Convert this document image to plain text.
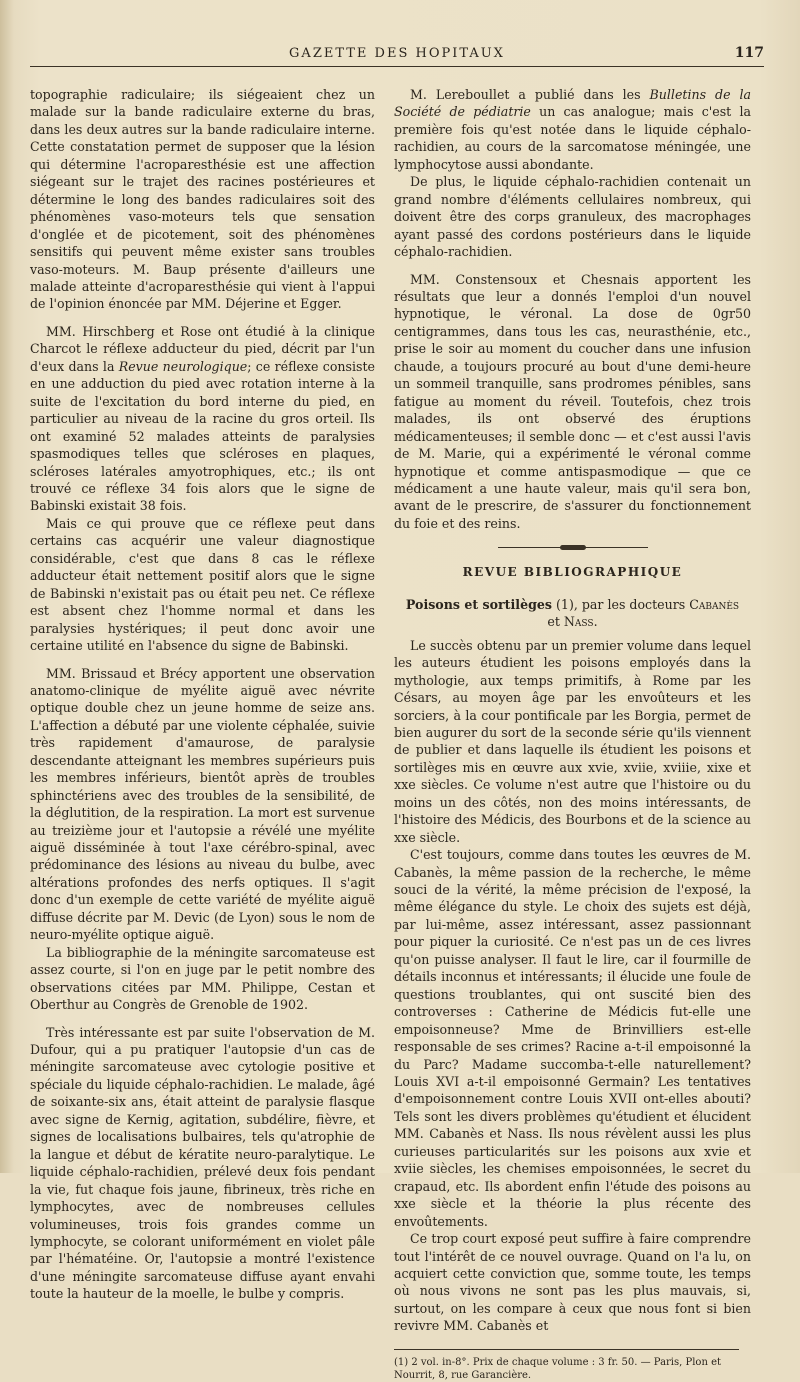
GAZETTE DES HOPITAUX	117

topographie radiculaire; ils siégeaient chez un malade sur la bande radiculaire externe du bras, dans les deux autres sur la bande radiculaire interne. Cette constatation permet de supposer que la lésion qui détermine l'acroparesthésie est une affection siégeant sur le trajet des racines postérieures et détermine le long des bandes radiculaires soit des phénomènes vaso-moteurs tels que sensation d'onglée et de picotement, soit des phénomènes sensitifs qui peuvent même exister sans troubles vaso-moteurs. M. Baup présente d'ailleurs une malade atteinte d'acroparesthésie qui vient à l'appui de l'opinion énoncée par MM. Déjerine et Egger.

MM. Hirschberg et Rose ont étudié à la clinique Charcot le réflexe adducteur du pied, décrit par l'un d'eux dans la Revue neurologique; ce réflexe consiste en une adduction du pied avec rotation interne à la suite de l'excitation du bord interne du pied, en particulier au niveau de la racine du gros orteil. Ils ont examiné 52 malades atteints de paralysies spasmodiques telles que scléroses en plaques, scléroses latérales amyotrophiques, etc.; ils ont trouvé ce réflexe 34 fois alors que le signe de Babinski existait 38 fois.

Mais ce qui prouve que ce réflexe peut dans certains cas acquérir une valeur diagnostique considérable, c'est que dans 8 cas le réflexe adducteur était nettement positif alors que le signe de Babinski n'existait pas ou était peu net. Ce réflexe est absent chez l'homme normal et dans les paralysies hystériques; il peut donc avoir une certaine utilité en l'absence du signe de Babinski.

MM. Brissaud et Brécy apportent une observation anatomo-clinique de myélite aiguë avec névrite optique double chez un jeune homme de seize ans. L'affection a débuté par une violente céphalée, suivie très rapidement d'amaurose, de paralysie descendante atteignant les membres supérieurs puis les membres inférieurs, bientôt après de troubles sphinctériens avec des troubles de la sensibilité, de la déglutition, de la respiration. La mort est survenue au treizième jour et l'autopsie a révélé une myélite aiguë disséminée à tout l'axe cérébro-spinal, avec prédominance des lésions au niveau du bulbe, avec altérations profondes des nerfs optiques. Il s'agit donc d'un exemple de cette variété de myélite aiguë diffuse décrite par M. Devic (de Lyon) sous le nom de neuro-myélite optique aiguë.

La bibliographie de la méningite sarcomateuse est assez courte, si l'on en juge par le petit nombre des observations citées par MM. Philippe, Cestan et Oberthur au Congrès de Grenoble de 1902.

Très intéressante est par suite l'observation de M. Dufour, qui a pu pratiquer l'autopsie d'un cas de méningite sarcomateuse avec cytologie positive et spéciale du liquide céphalo-rachidien. Le malade, âgé de soixante-six ans, était atteint de paralysie flasque avec signe de Kernig, agitation, subdélire, fièvre, et signes de localisations bulbaires, tels qu'atrophie de la langue et début de kératite neuro-paralytique. Le liquide céphalo-rachidien, prélevé deux fois pendant la vie, fut chaque fois jaune, fibrineux, très riche en lymphocytes, avec de nombreuses cellules volumineuses, trois fois grandes comme un lymphocyte, se colorant uniformément en violet pâle par l'hématéine. Or, l'autopsie a montré l'existence d'une méningite sarcomateuse diffuse ayant envahi toute la hauteur de la moelle, le bulbe y compris.

M. Lereboullet a publié dans les Bulletins de la Société de pédiatrie un cas analogue; mais c'est la première fois qu'est notée dans le liquide céphalo-rachidien, au cours de la sarcomatose méningée, une lymphocytose aussi abondante.

De plus, le liquide céphalo-rachidien contenait un grand nombre d'éléments cellulaires nombreux, qui doivent être des corps granuleux, des macrophages ayant passé des cordons postérieurs dans le liquide céphalo-rachidien.

MM. Constensoux et Chesnais apportent les résultats que leur a donnés l'emploi d'un nouvel hypnotique, le véronal. La dose de 0gr50 centigrammes, dans tous les cas, neurasthénie, etc., prise le soir au moment du coucher dans une infusion chaude, a toujours procuré au bout d'une demi-heure un sommeil tranquille, sans prodromes pénibles, sans fatigue au moment du réveil. Toutefois, chez trois malades, ils ont observé des éruptions médicamenteuses; il semble donc — et c'est aussi l'avis de M. Marie, qui a expérimenté le véronal comme hypnotique et comme antispasmodique — que ce médicament a une haute valeur, mais qu'il sera bon, avant de le prescrire, de s'assurer du fonctionnement du foie et des reins.

REVUE BIBLIOGRAPHIQUE
Poisons et sortilèges (1), par les docteurs Cabanès
et Nass.

Le succès obtenu par un premier volume dans lequel les auteurs étudient les poisons employés dans la mythologie, aux temps primitifs, à Rome par les Césars, au moyen âge par les envoûteurs et les sorciers, à la cour pontificale par les Borgia, permet de bien augurer du sort de la seconde série qu'ils viennent de publier et dans laquelle ils étudient les poisons et sortilèges mis en œuvre aux xvie, xviie, xviiie, xixe et xxe siècles. Ce volume n'est autre que l'histoire ou du moins un des côtés, non des moins intéressants, de l'histoire des Médicis, des Bourbons et de la science au xxe siècle.

C'est toujours, comme dans toutes les œuvres de M. Cabanès, la même passion de la recherche, le même souci de la vérité, la même précision de l'exposé, la même élégance du style. Le choix des sujets est déjà, par lui-même, assez intéressant, assez passionnant pour piquer la curiosité. Ce n'est pas un de ces livres qu'on puisse analyser. Il faut le lire, car il fourmille de détails inconnus et intéressants; il élucide une foule de questions troublantes, qui ont suscité bien des controverses : Catherine de Médicis fut-elle une empoisonneuse? Mme de Brinvilliers est-elle responsable de ses crimes? Racine a-t-il empoisonné la du Parc? Madame succomba-t-elle naturellement? Louis XVI a-t-il empoisonné Germain? Les tentatives d'empoisonnement contre Louis XVII ont-elles abouti? Tels sont les divers problèmes qu'étudient et élucident MM. Cabanès et Nass. Ils nous révèlent aussi les plus curieuses particularités sur les poisons aux xvie et xviie siècles, les chemises empoisonnées, le secret du crapaud, etc. Ils abordent enfin l'étude des poisons au xxe siècle et la théorie la plus récente des envoûtements.

Ce trop court exposé peut suffire à faire comprendre tout l'intérêt de ce nouvel ouvrage. Quand on l'a lu, on acquiert cette conviction que, somme toute, les temps où nous vivons ne sont pas les plus mauvais, si, surtout, on les compare à ceux que nous font si bien revivre MM. Cabanès et

(1) 2 vol. in-8°. Prix de chaque volume : 3 fr. 50. — Paris, Plon et Nourrit, 8, rue Garancière.
